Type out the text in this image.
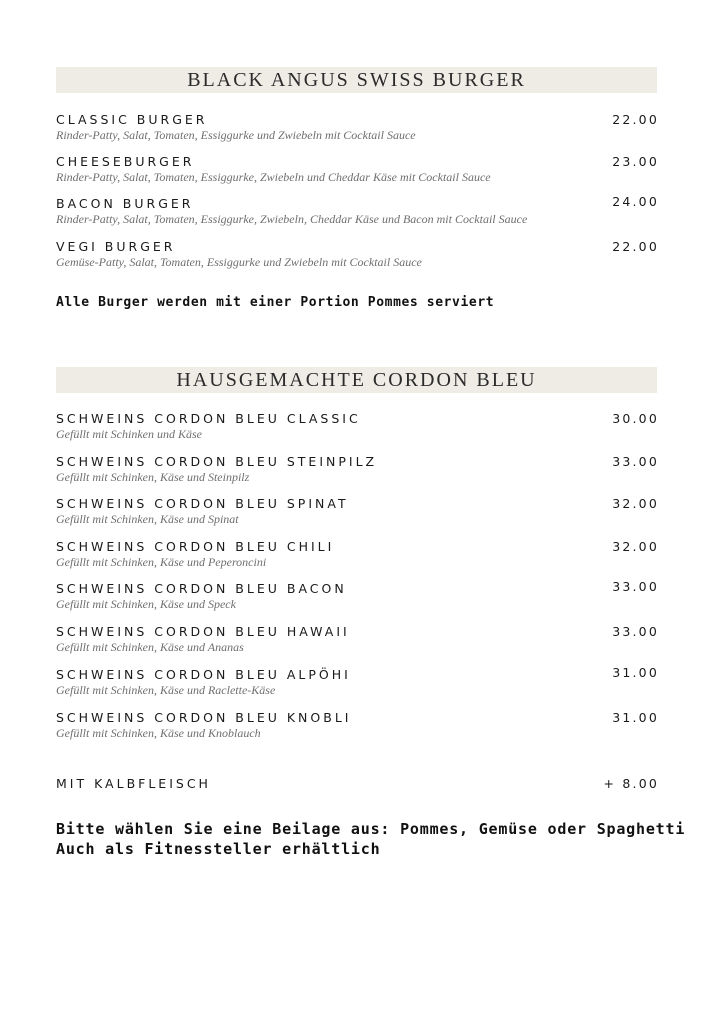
BLACK ANGUS SWISS BURGER
CLASSIC BURGER	22.00
Rinder-Patty, Salat, Tomaten, Essiggurke und Zwiebeln mit Cocktail Sauce
CHEESEBURGER	23.00
Rinder-Patty, Salat, Tomaten, Essiggurke, Zwiebeln und Cheddar Käse mit Cocktail Sauce
BACON BURGER	24.00
Rinder-Patty, Salat, Tomaten, Essiggurke, Zwiebeln, Cheddar Käse und Bacon mit Cocktail Sauce
VEGI BURGER	22.00
Gemüse-Patty, Salat, Tomaten, Essiggurke und Zwiebeln mit Cocktail Sauce
Alle Burger werden mit einer Portion Pommes serviert
HAUSGEMACHTE CORDON BLEU
SCHWEINS CORDON BLEU CLASSIC	30.00
Gefüllt mit Schinken und Käse
SCHWEINS CORDON BLEU STEINPILZ	33.00
Gefüllt mit Schinken, Käse und Steinpilz
SCHWEINS CORDON BLEU SPINAT	32.00
Gefüllt mit Schinken, Käse und Spinat
SCHWEINS CORDON BLEU CHILI	32.00
Gefüllt mit Schinken, Käse und Peperoncini
SCHWEINS CORDON BLEU BACON	33.00
Gefüllt mit Schinken, Käse und Speck
SCHWEINS CORDON BLEU HAWAII	33.00
Gefüllt mit Schinken, Käse und Ananas
SCHWEINS CORDON BLEU ALPÖHI	31.00
Gefüllt mit Schinken, Käse und Raclette-Käse
SCHWEINS CORDON BLEU KNOBLI	31.00
Gefüllt mit Schinken, Käse und Knoblauch
MIT KALBFLEISCH	+ 8.00
Bitte wählen Sie eine Beilage aus: Pommes, Gemüse oder Spaghetti
Auch als Fitnessteller erhältlich
